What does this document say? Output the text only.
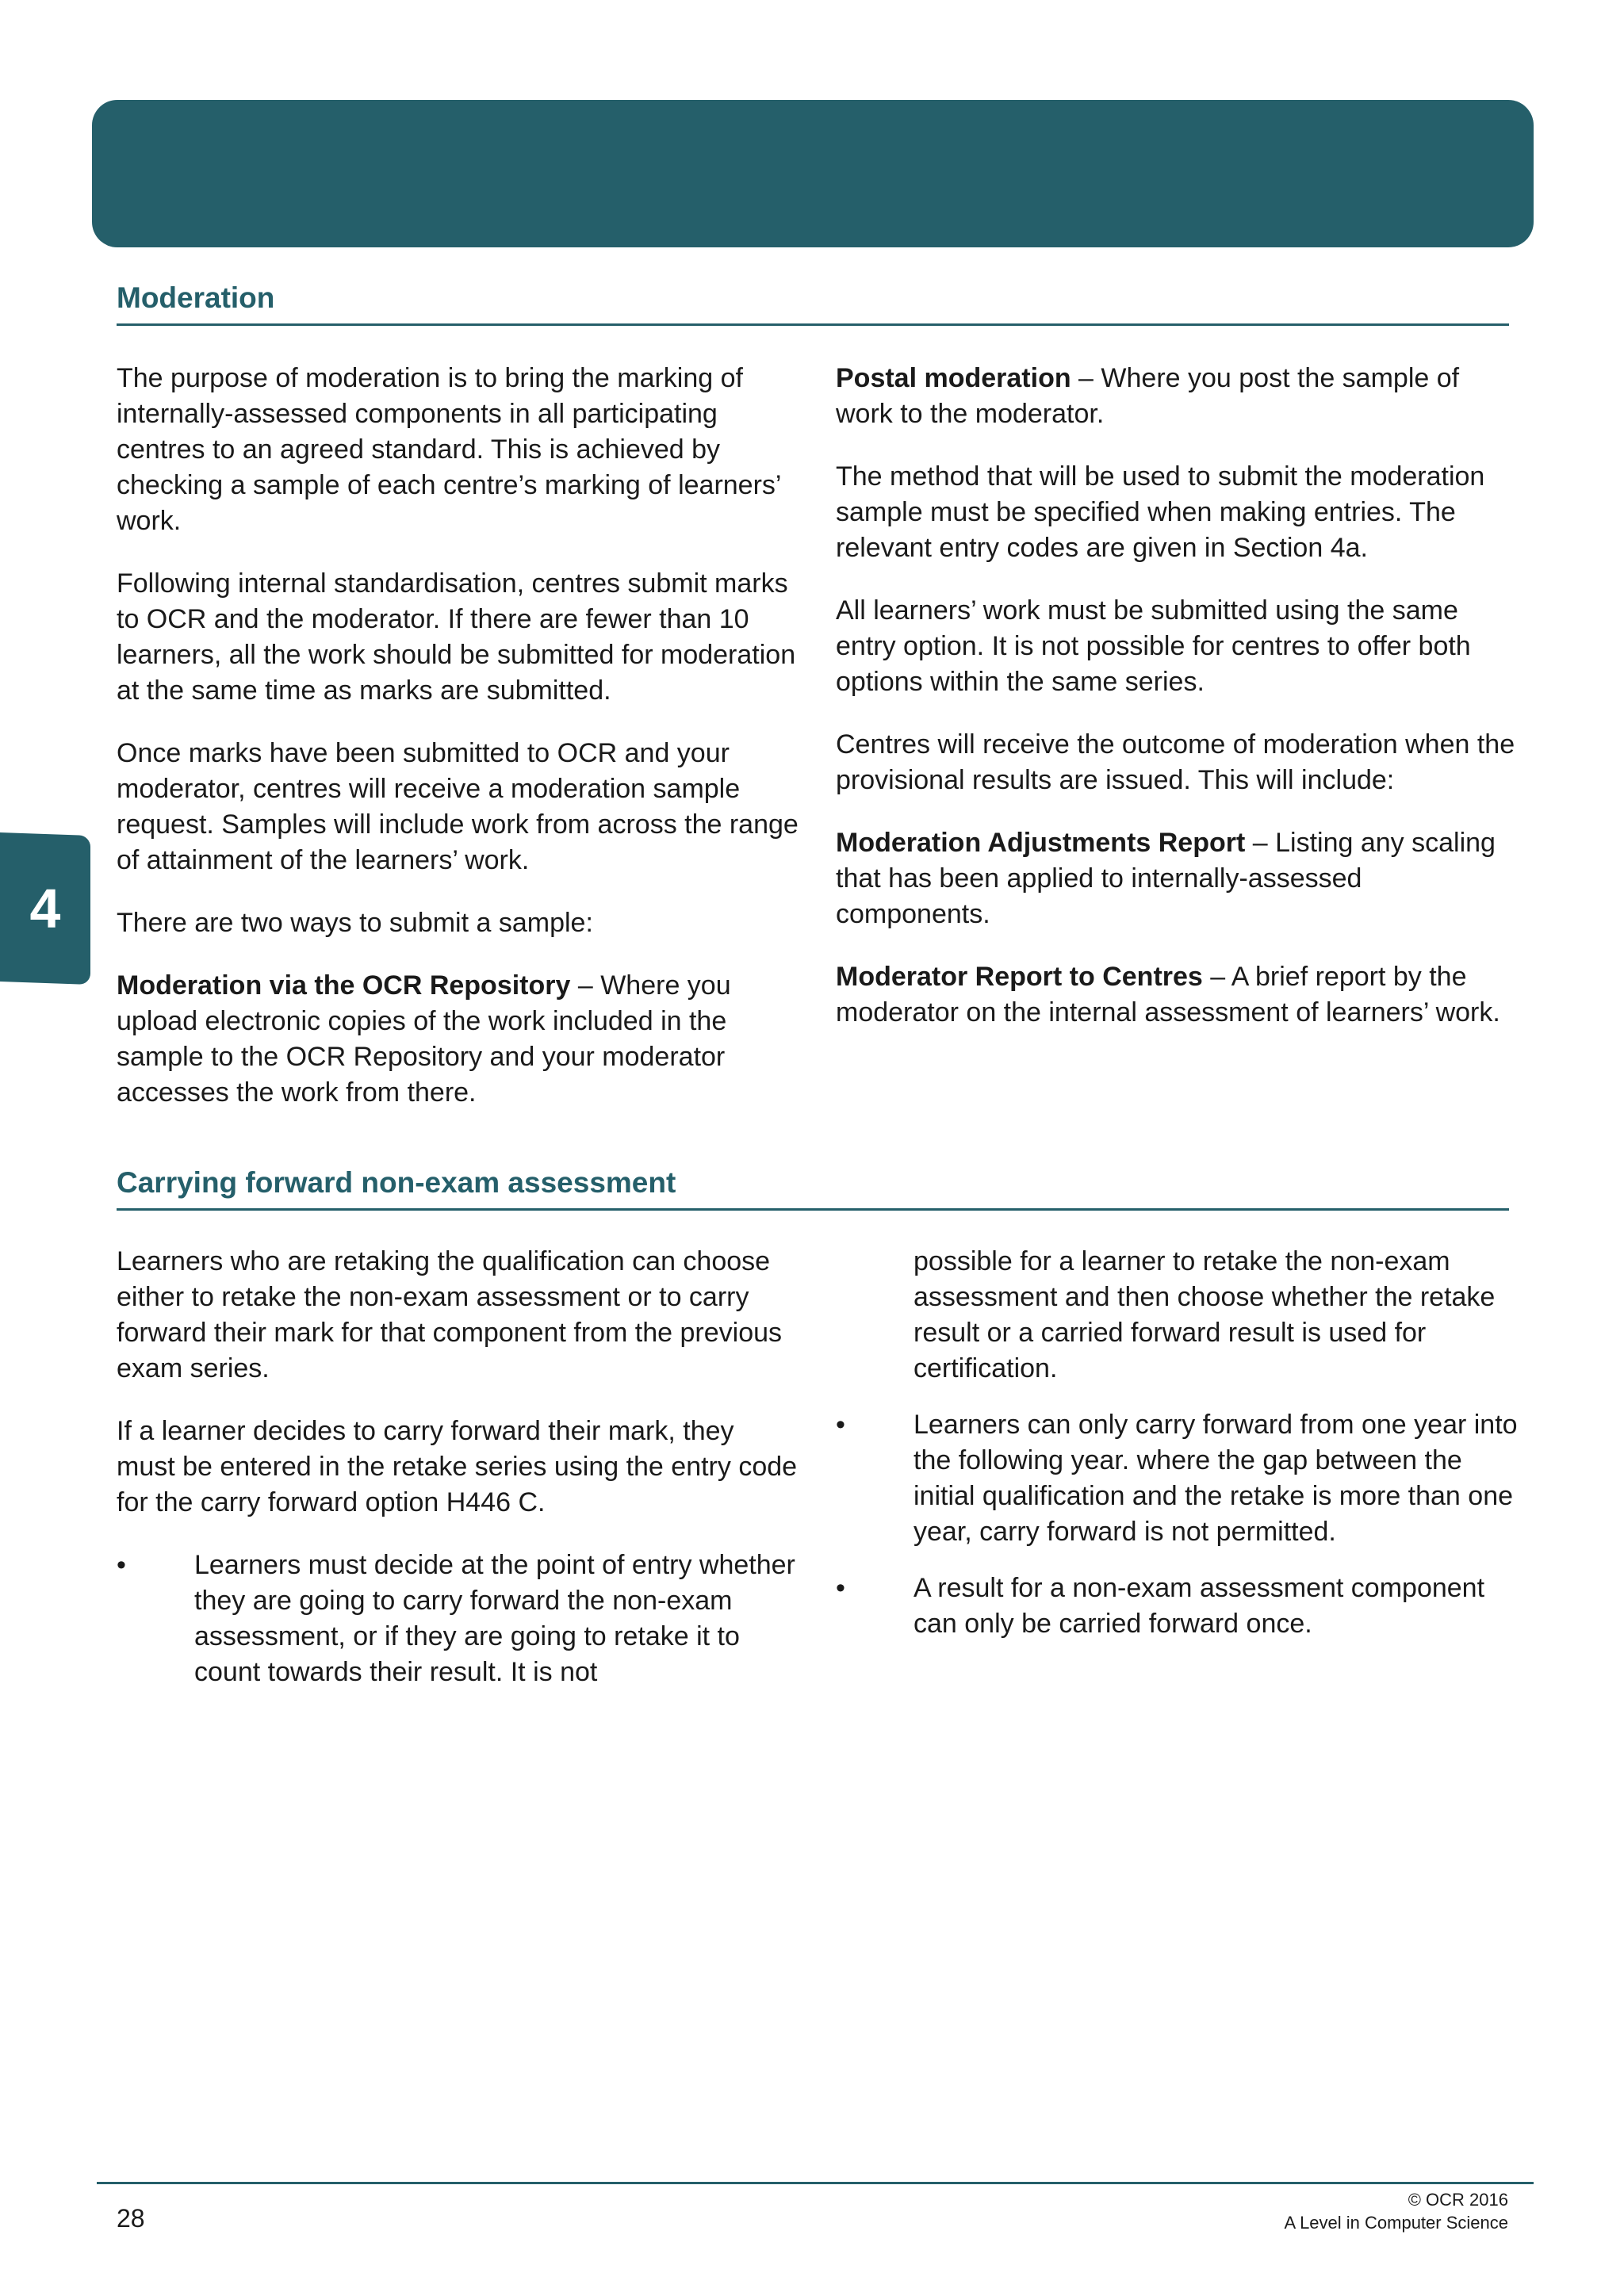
4
Moderation

The purpose of moderation is to bring the marking of internally-assessed components in all participating centres to an agreed standard. This is achieved by checking a sample of each centre’s marking of learners’ work.

Following internal standardisation, centres submit marks to OCR and the moderator. If there are fewer than 10 learners, all the work should be submitted for moderation at the same time as marks are submitted.

Once marks have been submitted to OCR and your moderator, centres will receive a moderation sample request. Samples will include work from across the range of attainment of the learners’ work.

There are two ways to submit a sample:

Moderation via the OCR Repository – Where you upload electronic copies of the work included in the sample to the OCR Repository and your moderator accesses the work from there.

Postal moderation – Where you post the sample of work to the moderator.

The method that will be used to submit the moderation sample must be specified when making entries. The relevant entry codes are given in Section 4a.

All learners’ work must be submitted using the same entry option. It is not possible for centres to offer both options within the same series.

Centres will receive the outcome of moderation when the provisional results are issued. This will include:

Moderation Adjustments Report – Listing any scaling that has been applied to internally-assessed components.

Moderator Report to Centres – A brief report by the moderator on the internal assessment of learners’ work.

Carrying forward non-exam assessment

Learners who are retaking the qualification can choose either to retake the non-exam assessment or to carry forward their mark for that component from the previous exam series.

If a learner decides to carry forward their mark, they must be entered in the retake series using the entry code for the carry forward option H446 C.

•	Learners must decide at the point of entry whether they are going to carry forward the non-exam assessment, or if they are going to retake it to count towards their result. It is not
possible for a learner to retake the non-exam assessment and then choose whether the retake result or a carried forward result is used for certification.
•	Learners can only carry forward from one year into the following year. where the gap between the initial qualification and the retake is more than one year, carry forward is not permitted.
•	A result for a non-exam assessment component can only be carried forward once.
28
© OCR 2016
A Level in Computer Science
